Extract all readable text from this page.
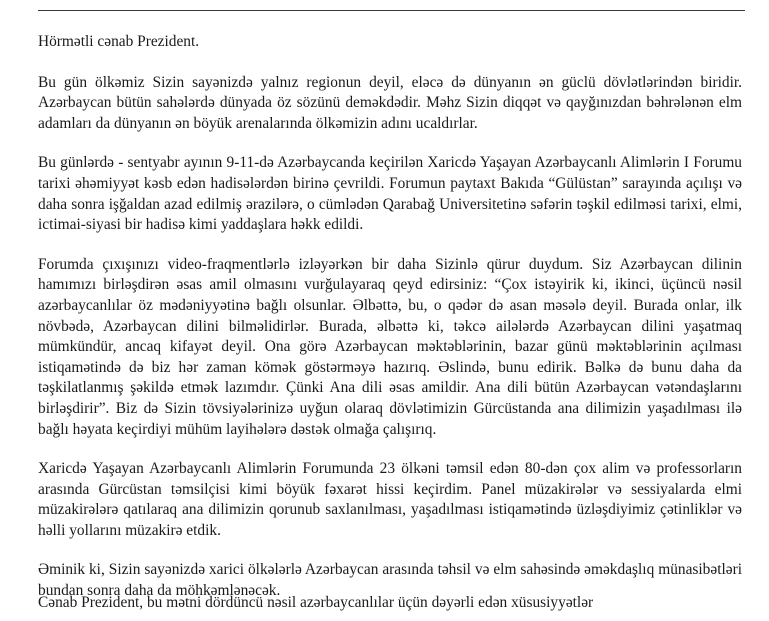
Hörmətli cənab Prezident.

Bu gün ölkəmiz Sizin sayənizdə yalnız regionun deyil, eləcə də dünyanın ən güclü dövlətlərindən biridir. Azərbaycan bütün sahələrdə dünyada öz sözünü deməkdədir. Məhz Sizin diqqət və qayğınızdan bəhrələnən elm adamları da dünyanın ən böyük arenalarında ölkəmizin adını ucaldırlar.

Bu günlərdə - sentyabr ayının 9-11-də Azərbaycanda keçirilən Xaricdə Yaşayan Azərbaycanlı Alimlərin I Forumu tarixi əhəmiyyət kəsb edən hadisələrdən birinə çevrildi. Forumun paytaxt Bakıda “Gülüstan” sarayında açılışı və daha sonra işğaldan azad edilmiş ərazilərə, o cümlədən Qarabağ Universitetinə səfərin təşkil edilməsi tarixi, elmi, ictimai-siyasi bir hadisə kimi yaddaşlara həkk edildi.

Forumda çıxışınızı video-fraqmentlərlə izləyərkən bir daha Sizinlə qürur duydum. Siz Azərbaycan dilinin hamımızı birləşdirən əsas amil olmasını vurğulayaraq qeyd edirsiniz: “Çox istəyirik ki, ikinci, üçüncü nəsil azərbaycanlılar öz mədəniyyətinə bağlı olsunlar. Əlbəttə, bu, o qədər də asan məsələ deyil. Burada onlar, ilk növbədə, Azərbaycan dilini bilməlidirlər. Burada, əlbəttə ki, təkcə ailələrdə Azərbaycan dilini yaşatmaq mümkündür, ancaq kifayət deyil. Ona görə Azərbaycan məktəblərinin, bazar günü məktəblərinin açılması istiqamətində də biz hər zaman kömək göstərməyə hazırıq. Əslində, bunu edirik. Bəlkə də bunu daha da təşkilatlanmış şəkildə etmək lazımdır. Çünki Ana dili əsas amildir. Ana dili bütün Azərbaycan vətəndaşlarını birləşdirir”. Biz də Sizin tövsiyələrinizə uyğun olaraq dövlətimizin Gürcüstanda ana dilimizin yaşadılması ilə bağlı həyata keçirdiyi mühüm layihələrə dəstək olmağa çalışırıq.

Xaricdə Yaşayan Azərbaycanlı Alimlərin Forumunda 23 ölkəni təmsil edən 80-dən çox alim və professorların arasında Gürcüstan təmsilçisi kimi böyük fəxarət hissi keçirdim. Panel müzakirələr və sessiyalarda elmi müzakirələrə qatılaraq ana dilimizin qorunub saxlanılması, yaşadılması istiqamətində üzləşdiyimiz çətinliklər və həlli yollarını müzakirə etdik.

Əminik ki, Sizin sayənizdə xarici ölkələrlə Azərbaycan arasında təhsil və elm sahəsində əməkdaşlıq münasibətləri bundan sonra daha da möhkəmlənəcək.

Cənab Prezident, bu mətni dördüncü nəsil azərbaycanlılar üçün dəyərli edən xüsusiyyətlər
